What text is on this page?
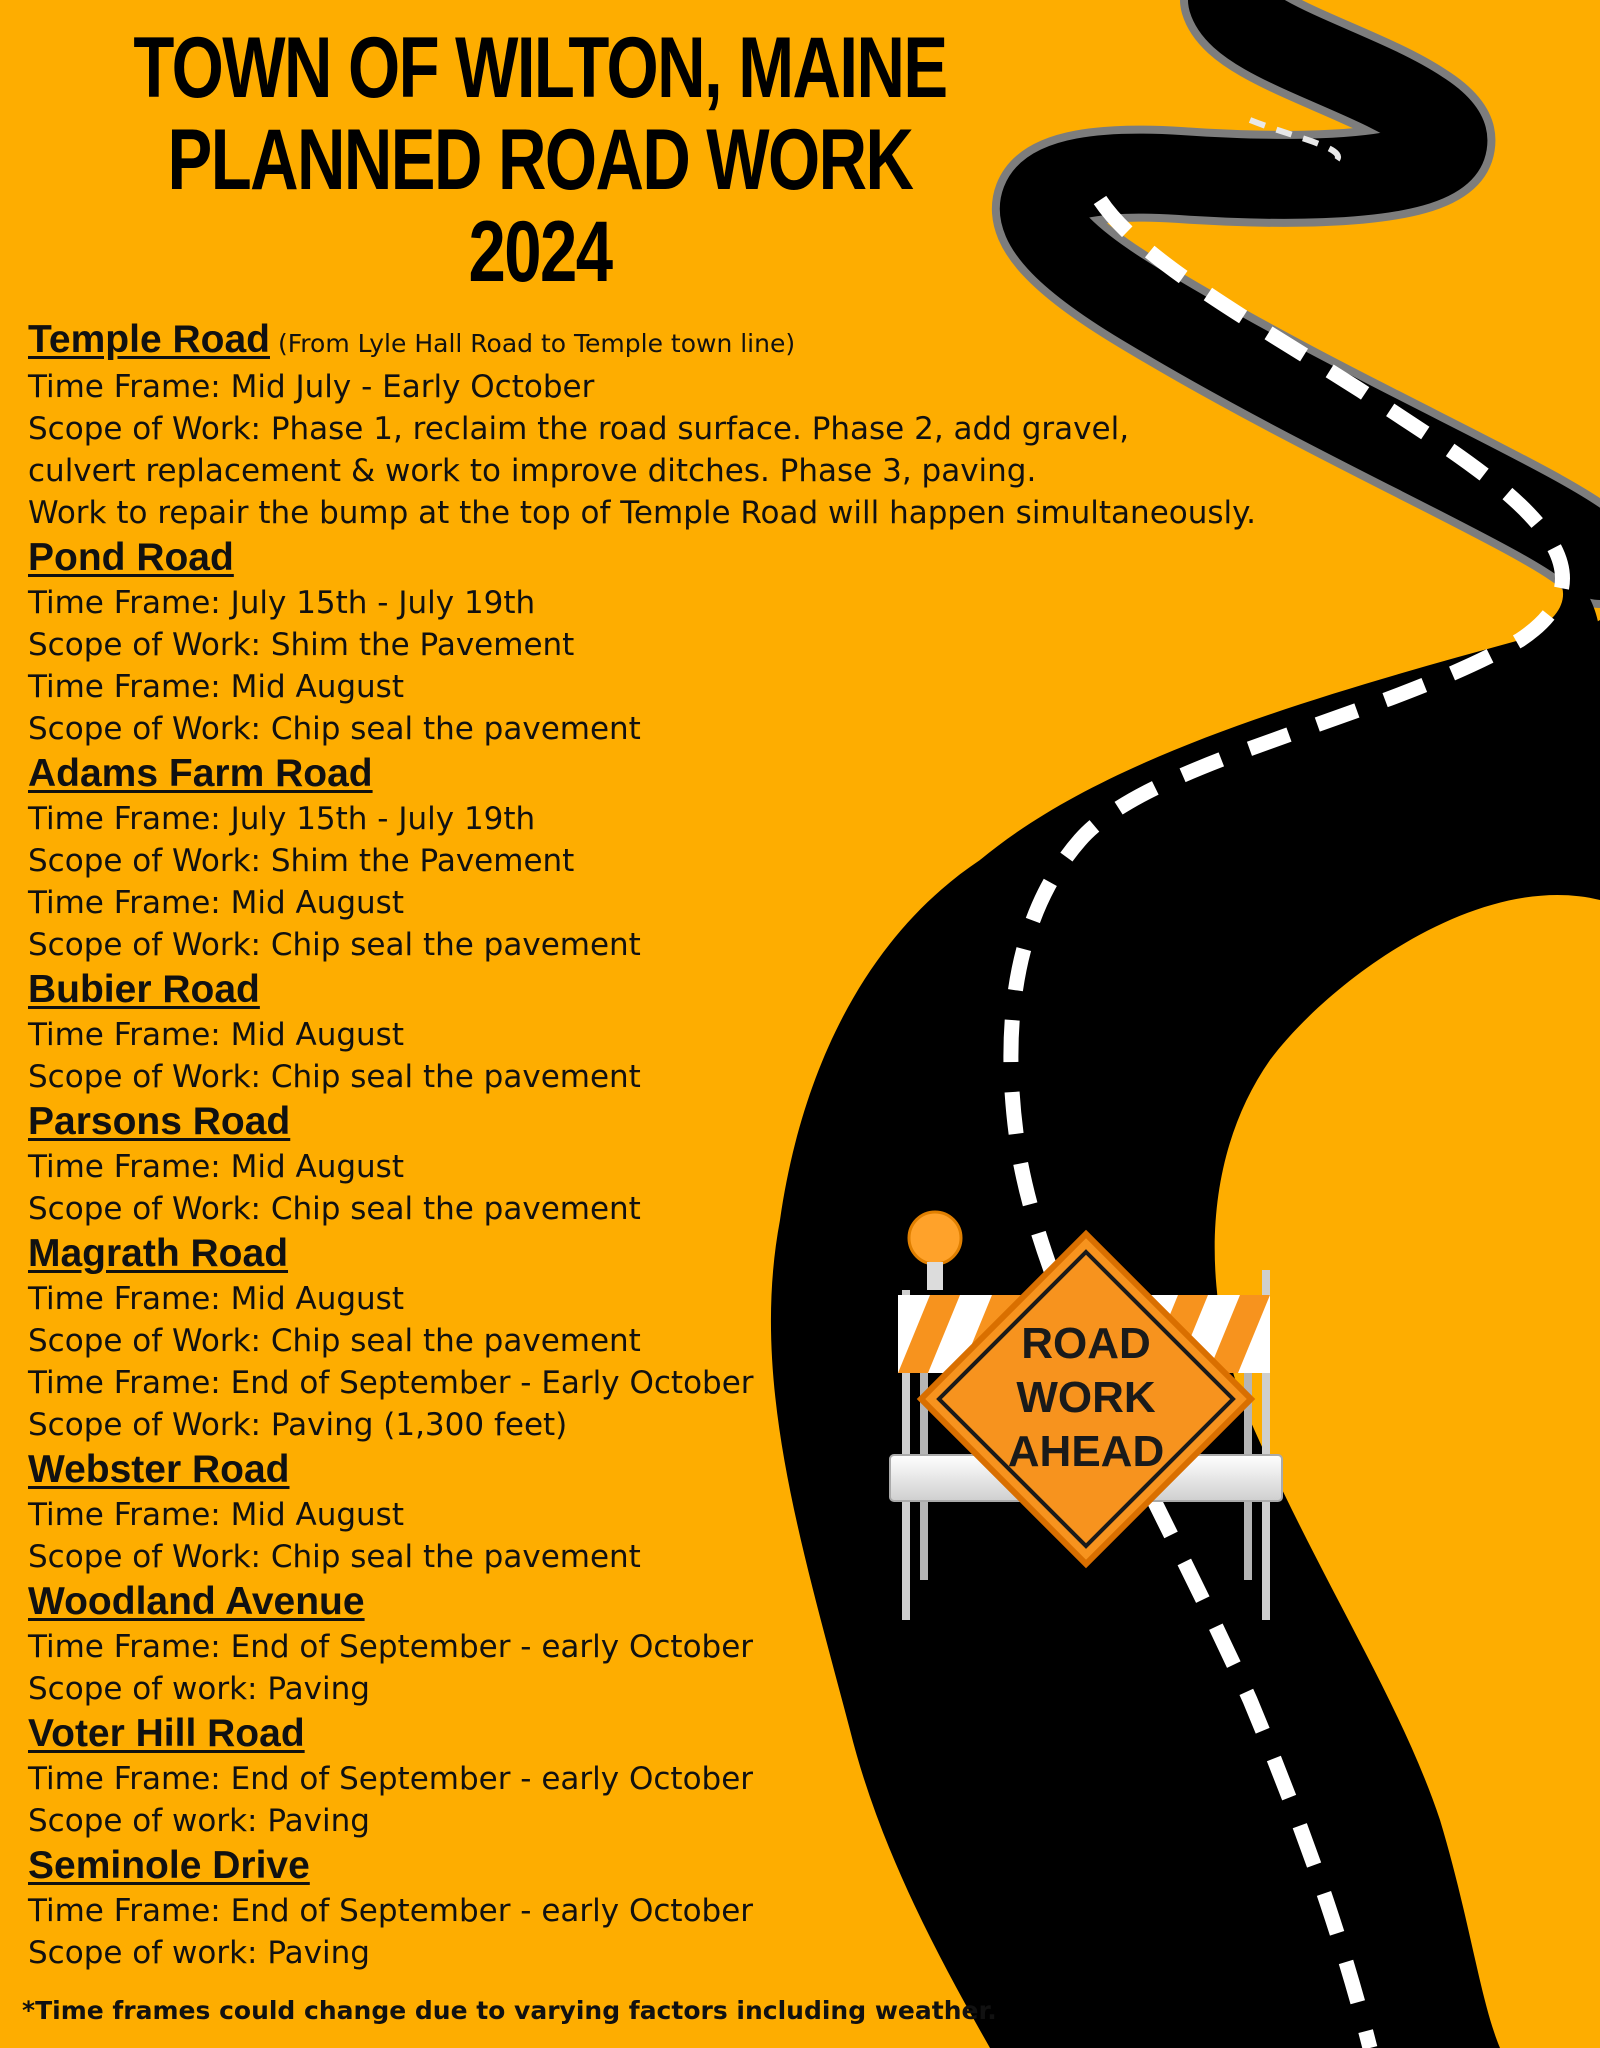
ROAD
WORK
AHEAD
TOWN OF WILTON, MAINE
PLANNED ROAD WORK
2024
Temple Road (From Lyle Hall Road to Temple town line)
Time Frame: Mid July - Early October
Scope of Work: Phase 1, reclaim the road surface. Phase 2, add gravel,
culvert replacement & work to improve ditches. Phase 3, paving.
Work to repair the bump at the top of Temple Road will happen simultaneously.
Pond Road
Time Frame: July 15th - July 19th
Scope of Work: Shim the Pavement
Time Frame: Mid August
Scope of Work: Chip seal the pavement
Adams Farm Road
Time Frame: July 15th - July 19th
Scope of Work: Shim the Pavement
Time Frame: Mid August
Scope of Work: Chip seal the pavement
Bubier Road
Time Frame: Mid August
Scope of Work: Chip seal the pavement
Parsons Road
Time Frame: Mid August
Scope of Work: Chip seal the pavement
Magrath Road
Time Frame: Mid August
Scope of Work: Chip seal the pavement
Time Frame: End of September - Early October
Scope of Work: Paving (1,300 feet)
Webster Road
Time Frame: Mid August
Scope of Work: Chip seal the pavement
Woodland Avenue
Time Frame: End of September - early October
Scope of work: Paving
Voter Hill Road
Time Frame: End of September - early October
Scope of work: Paving
Seminole Drive
Time Frame: End of September - early October
Scope of work: Paving
*Time frames could change due to varying factors including weather.
